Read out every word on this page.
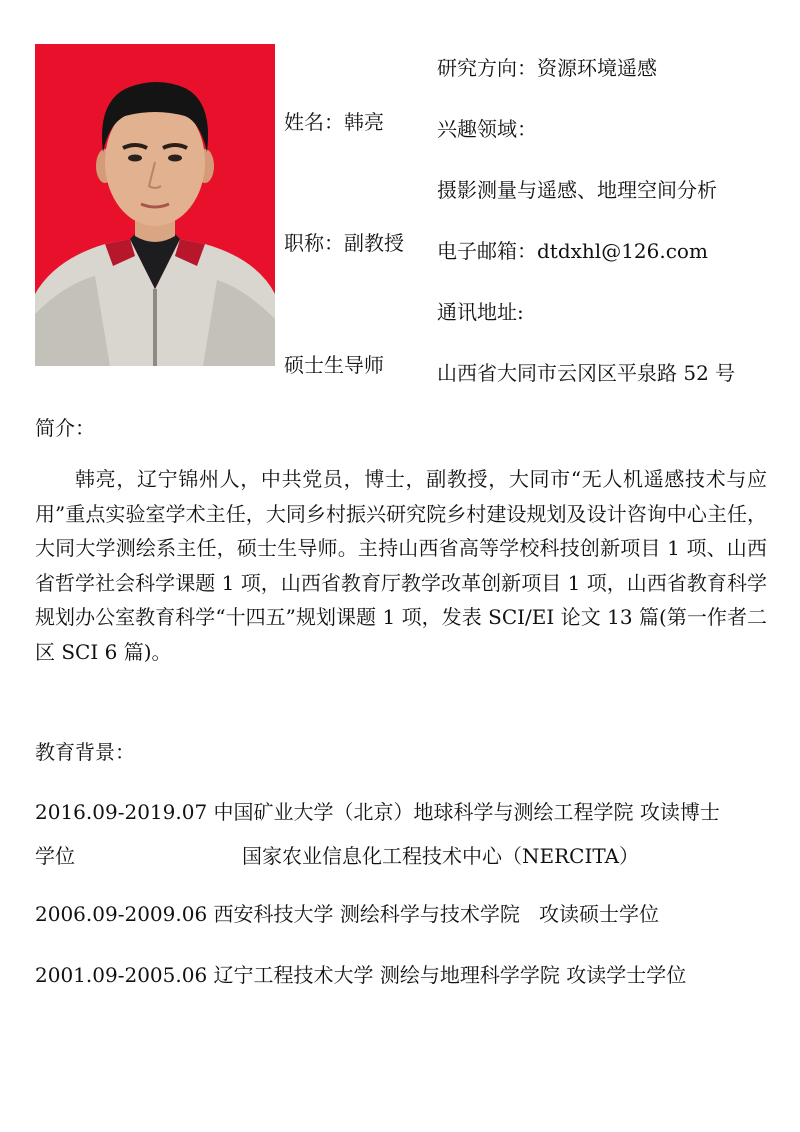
姓名：韩亮
职称：副教授
硕士生导师
研究方向：资源环境遥感
兴趣领域：
摄影测量与遥感、地理空间分析
电子邮箱：dtdxhl@126.com
通讯地址:
山西省大同市云冈区平泉路 52 号
简介：
韩亮，辽宁锦州人，中共党员，博士，副教授，大同市“无人机遥感技术与应用”重点实验室学术主任，大同乡村振兴研究院乡村建设规划及设计咨询中心主任，大同大学测绘系主任，硕士生导师。主持山西省高等学校科技创新项目 1 项、山西省哲学社会科学课题 1 项，山西省教育厅教学改革创新项目 1 项，山西省教育科学规划办公室教育科学“十四五”规划课题 1 项，发表 SCI/EI 论文 13 篇(第一作者二区 SCI 6 篇)。
教育背景：
2016.09-2019.07 中国矿业大学（北京）地球科学与测绘工程学院 攻读博士
学位	国家农业信息化工程技术中心（NERCITA）
2006.09-2009.06 西安科技大学 测绘科学与技术学院   攻读硕士学位
2001.09-2005.06 辽宁工程技术大学 测绘与地理科学学院 攻读学士学位
